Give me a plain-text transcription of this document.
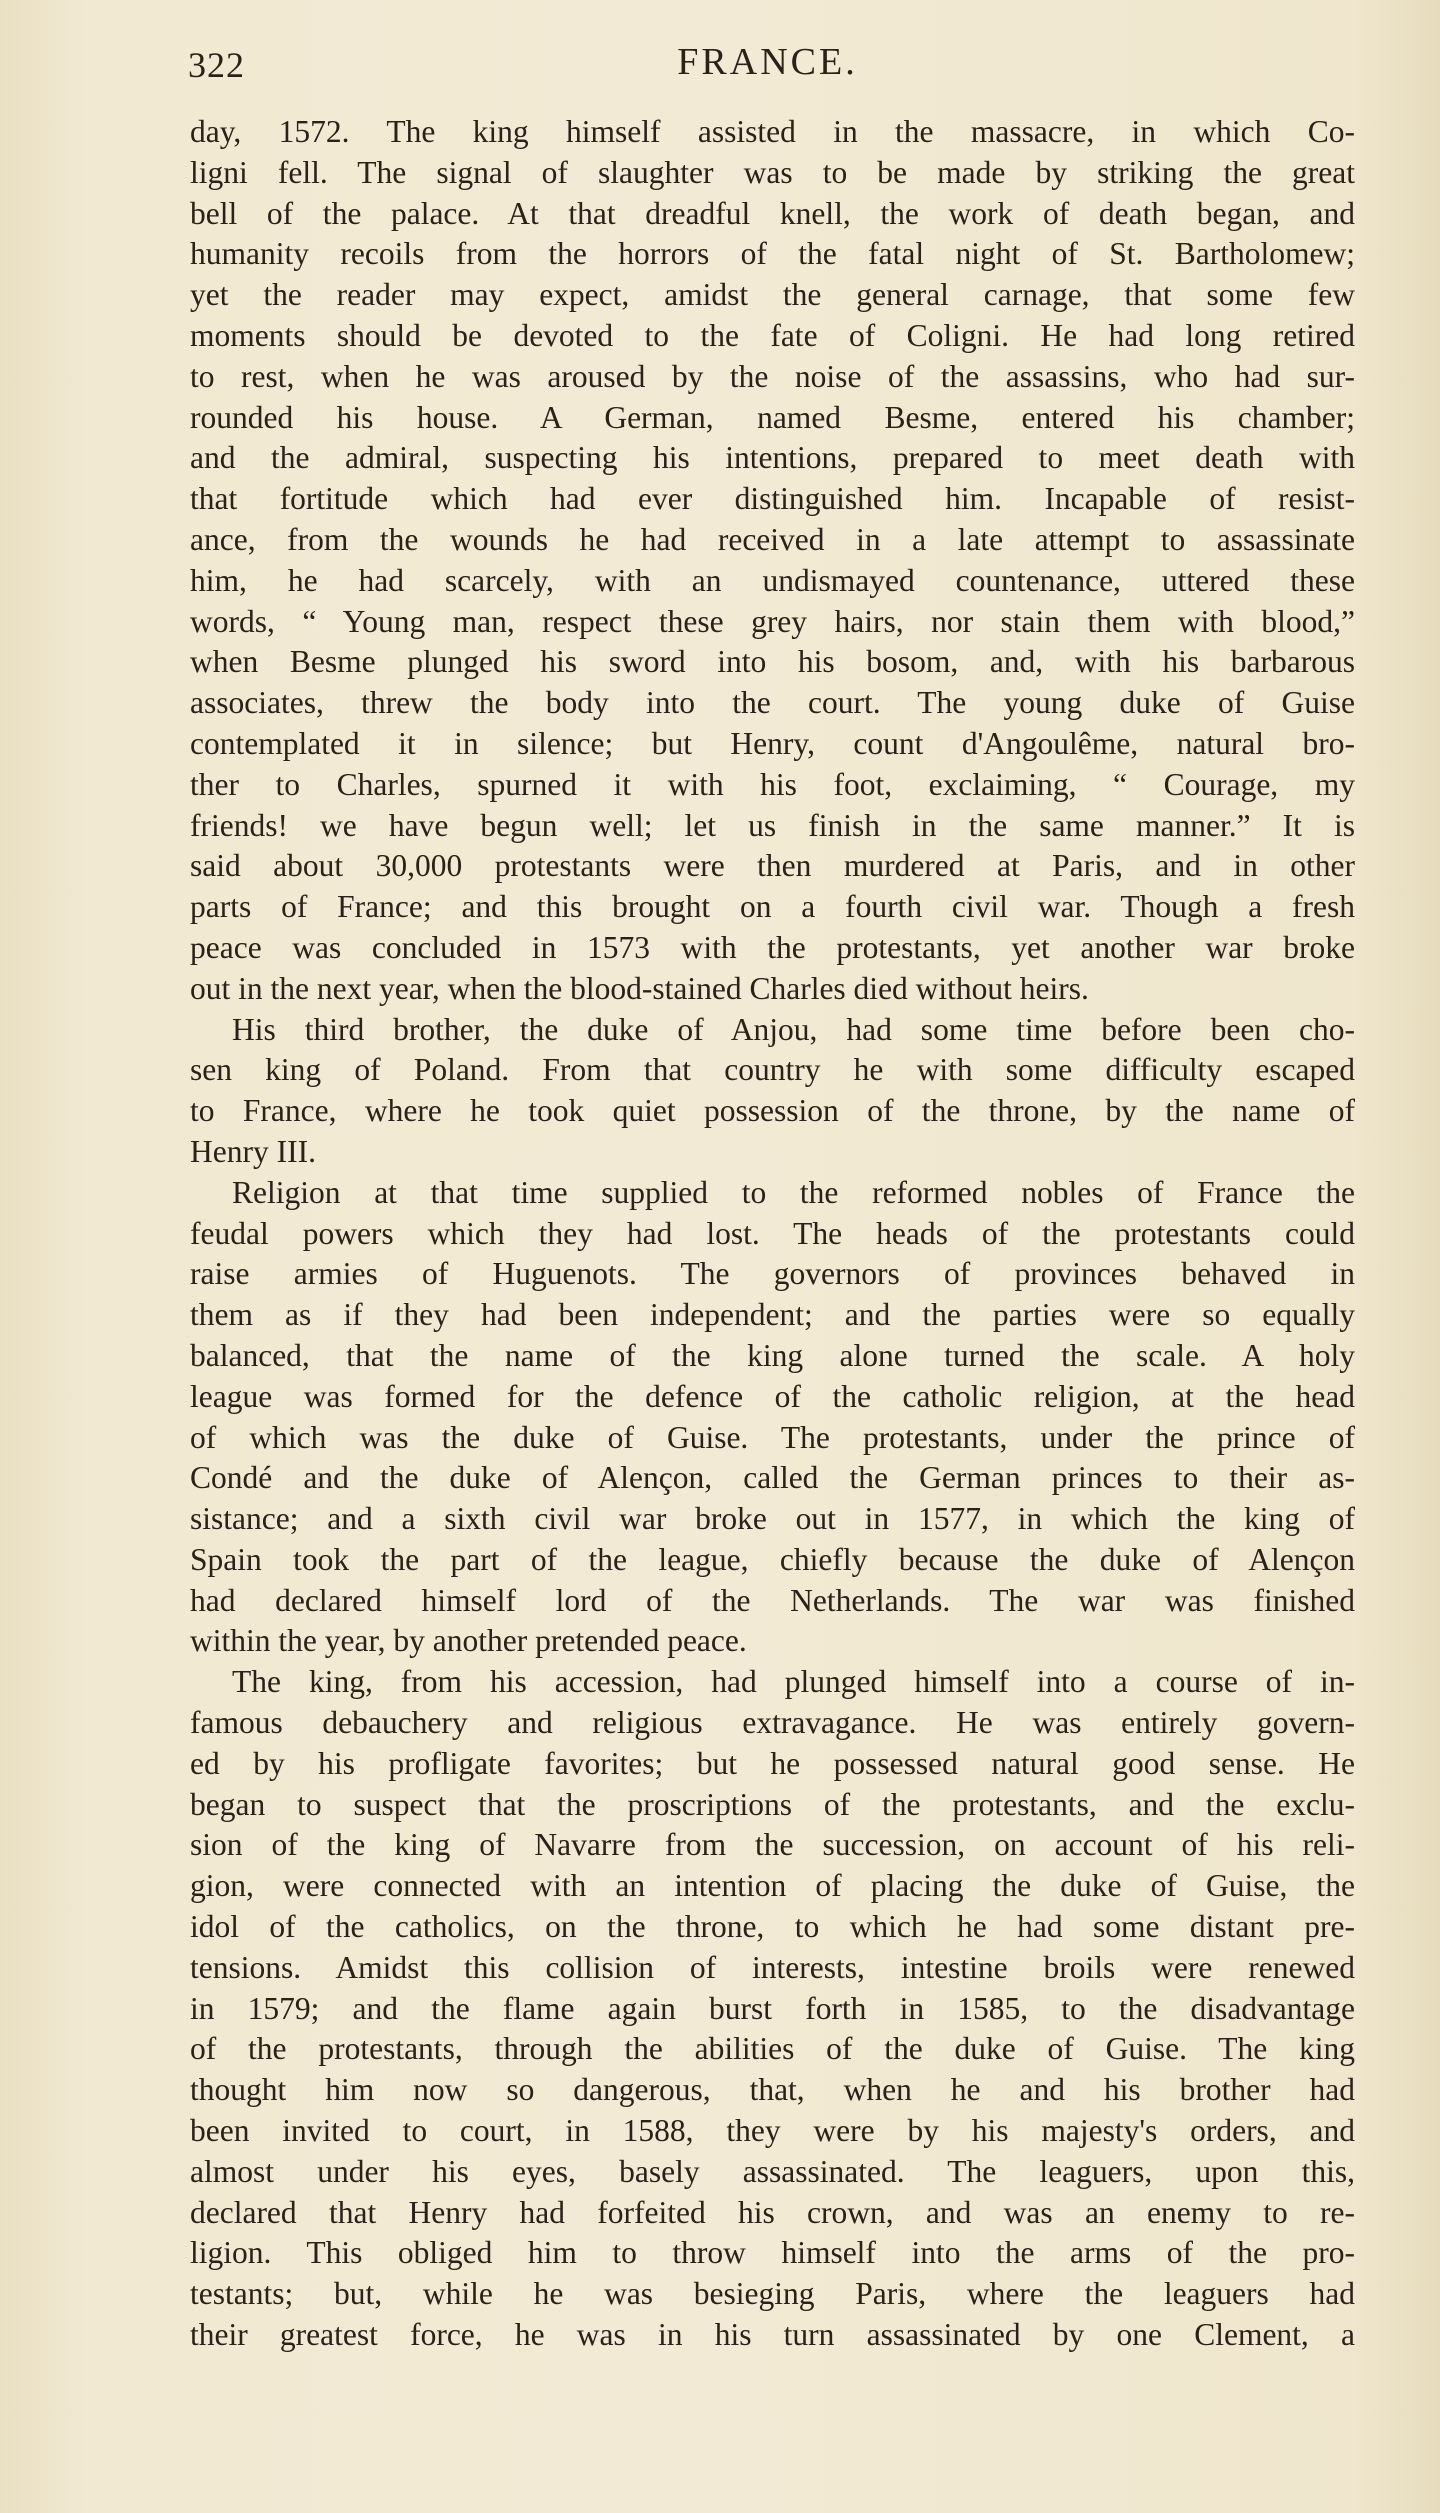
322	FRANCE.
day, 1572. The king himself assisted in the massacre, in which Co-
ligni fell. The signal of slaughter was to be made by striking the great
bell of the palace. At that dreadful knell, the work of death began, and
humanity recoils from the horrors of the fatal night of St. Bartholomew;
yet the reader may expect, amidst the general carnage, that some few
moments should be devoted to the fate of Coligni. He had long retired
to rest, when he was aroused by the noise of the assassins, who had sur-
rounded his house. A German, named Besme, entered his chamber;
and the admiral, suspecting his intentions, prepared to meet death with
that fortitude which had ever distinguished him. Incapable of resist-
ance, from the wounds he had received in a late attempt to assassinate
him, he had scarcely, with an undismayed countenance, uttered these
words, “ Young man, respect these grey hairs, nor stain them with blood,”
when Besme plunged his sword into his bosom, and, with his barbarous
associates, threw the body into the court. The young duke of Guise
contemplated it in silence; but Henry, count d'Angoulême, natural bro-
ther to Charles, spurned it with his foot, exclaiming, “ Courage, my
friends! we have begun well; let us finish in the same manner.” It is
said about 30,000 protestants were then murdered at Paris, and in other
parts of France; and this brought on a fourth civil war. Though a fresh
peace was concluded in 1573 with the protestants, yet another war broke
out in the next year, when the blood-stained Charles died without heirs.
His third brother, the duke of Anjou, had some time before been cho-
sen king of Poland. From that country he with some difficulty escaped
to France, where he took quiet possession of the throne, by the name of
Henry III.
Religion at that time supplied to the reformed nobles of France the
feudal powers which they had lost. The heads of the protestants could
raise armies of Huguenots. The governors of provinces behaved in
them as if they had been independent; and the parties were so equally
balanced, that the name of the king alone turned the scale. A holy
league was formed for the defence of the catholic religion, at the head
of which was the duke of Guise. The protestants, under the prince of
Condé and the duke of Alençon, called the German princes to their as-
sistance; and a sixth civil war broke out in 1577, in which the king of
Spain took the part of the league, chiefly because the duke of Alençon
had declared himself lord of the Netherlands. The war was finished
within the year, by another pretended peace.
The king, from his accession, had plunged himself into a course of in-
famous debauchery and religious extravagance. He was entirely govern-
ed by his profligate favorites; but he possessed natural good sense. He
began to suspect that the proscriptions of the protestants, and the exclu-
sion of the king of Navarre from the succession, on account of his reli-
gion, were connected with an intention of placing the duke of Guise, the
idol of the catholics, on the throne, to which he had some distant pre-
tensions. Amidst this collision of interests, intestine broils were renewed
in 1579; and the flame again burst forth in 1585, to the disadvantage
of the protestants, through the abilities of the duke of Guise. The king
thought him now so dangerous, that, when he and his brother had
been invited to court, in 1588, they were by his majesty's orders, and
almost under his eyes, basely assassinated. The leaguers, upon this,
declared that Henry had forfeited his crown, and was an enemy to re-
ligion. This obliged him to throw himself into the arms of the pro-
testants; but, while he was besieging Paris, where the leaguers had
their greatest force, he was in his turn assassinated by one Clement, a
